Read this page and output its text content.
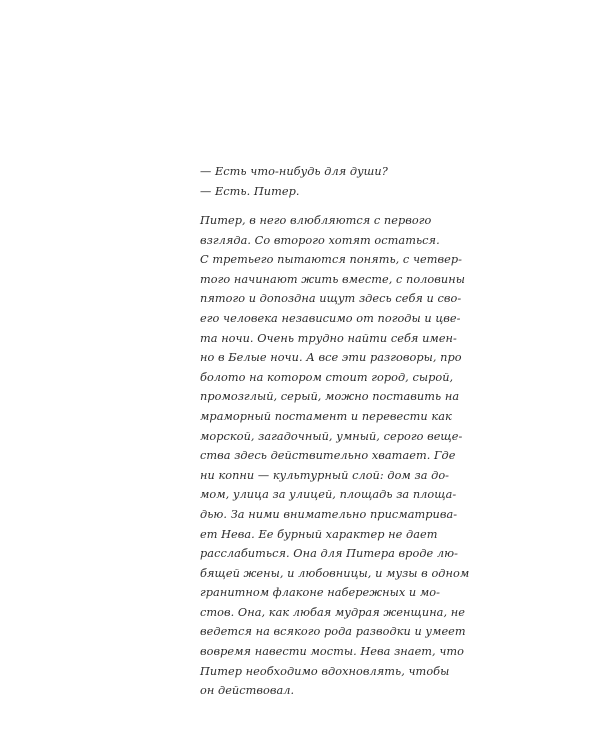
— Есть что-нибудь для души?
— Есть. Питер.
Питер, в него влюбляются с первого
взгляда. Со второго хотят остаться.
С третьего пытаются понять, с четвер-
того начинают жить вместе, с половины
пятого и допоздна ищут здесь себя и сво-
его человека независимо от погоды и цве-
та ночи. Очень трудно найти себя имен-
но в Белые ночи. А все эти разговоры, про
болото на котором стоит город, сырой,
промозглый, серый, можно поставить на
мраморный постамент и перевести как
морской, загадочный, умный, серого веще-
ства здесь действительно хватает. Где
ни копни — культурный слой: дом за до-
мом, улица за улицей, площадь за площа-
дью. За ними внимательно присматрива-
ет Нева. Ее бурный характер не дает
расслабиться. Она для Питера вроде лю-
бящей жены, и любовницы, и музы в одном
гранитном флаконе набережных и мо-
стов. Она, как любая мудрая женщина, не
ведется на всякого рода разводки и умеет
вовремя навести мосты. Нева знает, что
Питер необходимо вдохновлять, чтобы
он действовал.
